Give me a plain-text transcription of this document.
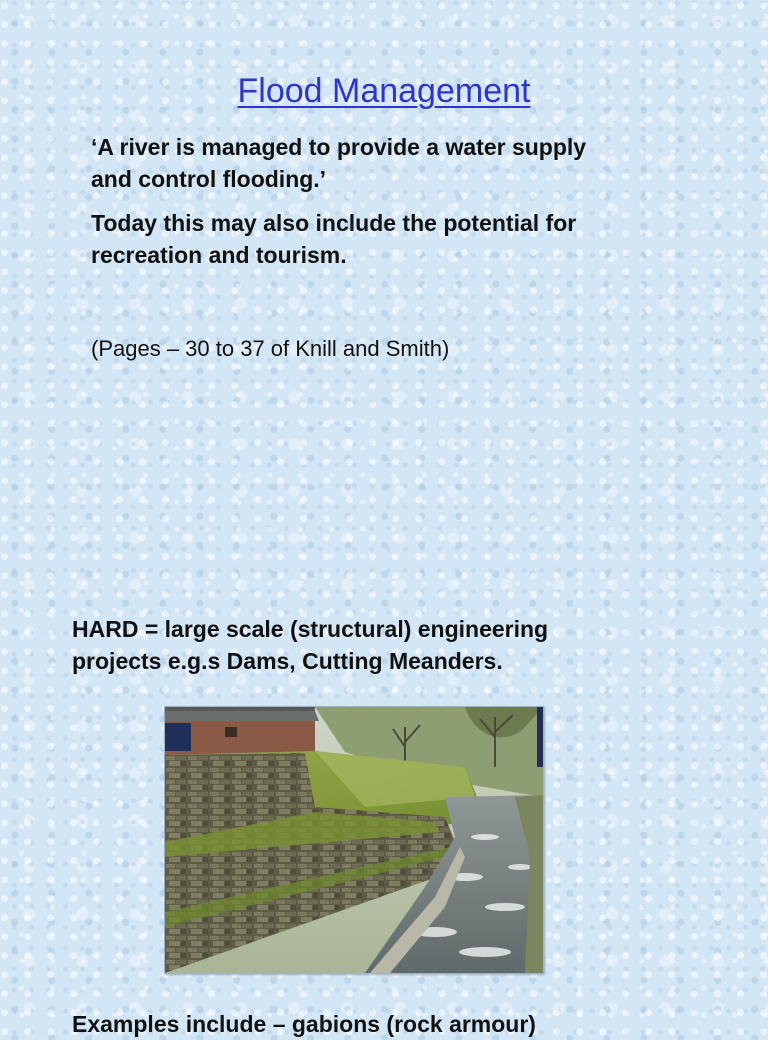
Flood Management
‘A river is managed to provide a water supply
and control flooding.’
Today this may also include the potential for
recreation and tourism.
(Pages – 30 to 37 of Knill and Smith)
HARD = large scale (structural) engineering
projects e.g.s Dams, Cutting Meanders.
Examples include – gabions (rock armour)
